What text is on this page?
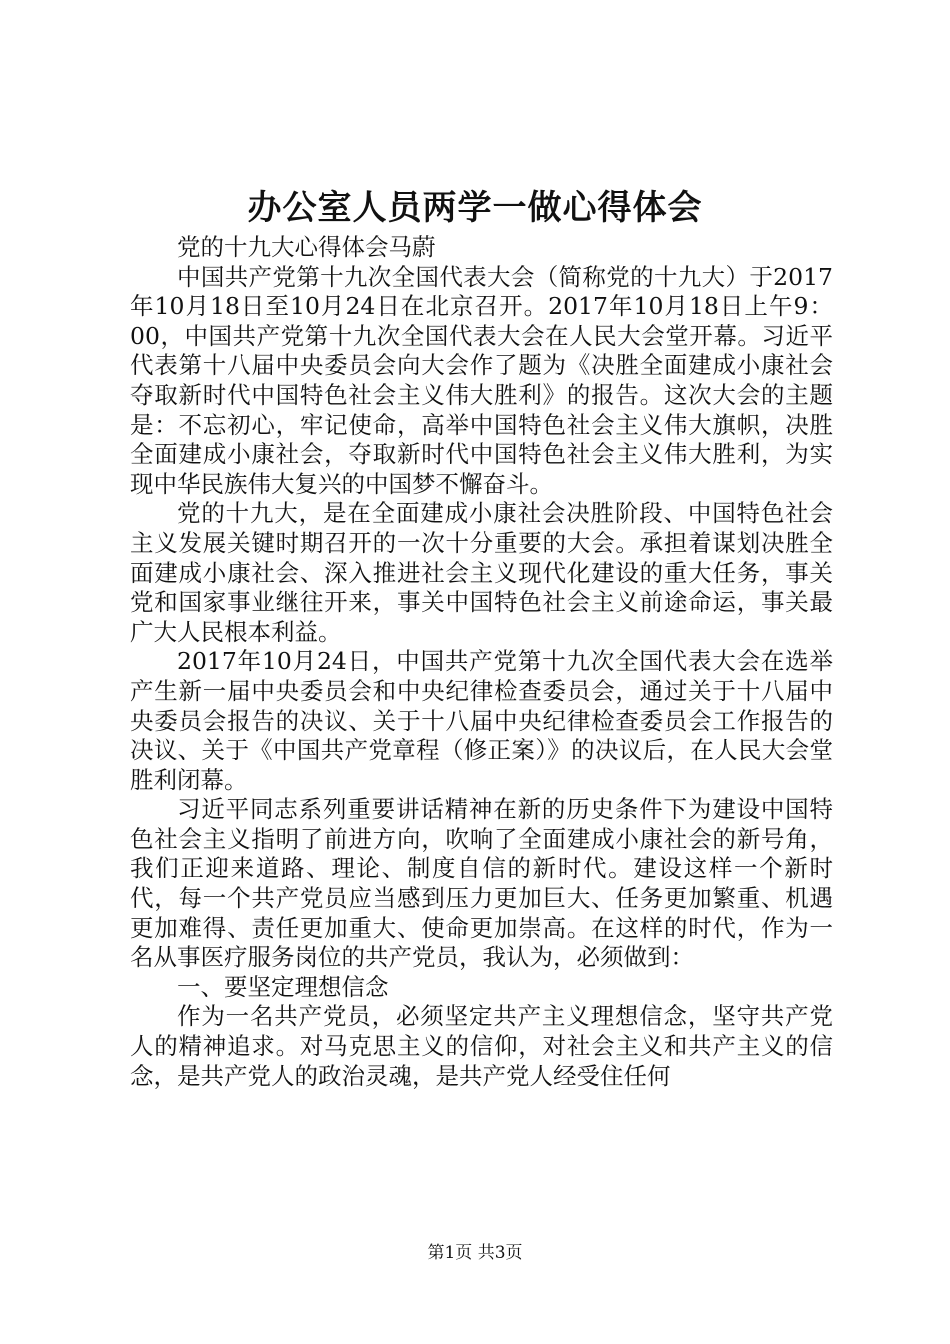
办公室人员两学一做心得体会

党的十九大心得体会马蔚

中国共产党第十九次全国代表大会（简称党的十九大）于2017年10月18日至10月24日在北京召开。2017年10月18日上午9：00，中国共产党第十九次全国代表大会在人民大会堂开幕。习近平代表第十八届中央委员会向大会作了题为《决胜全面建成小康社会夺取新时代中国特色社会主义伟大胜利》的报告。这次大会的主题是：不忘初心，牢记使命，高举中国特色社会主义伟大旗帜，决胜全面建成小康社会，夺取新时代中国特色社会主义伟大胜利，为实现中华民族伟大复兴的中国梦不懈奋斗。

党的十九大，是在全面建成小康社会决胜阶段、中国特色社会主义发展关键时期召开的一次十分重要的大会。承担着谋划决胜全面建成小康社会、深入推进社会主义现代化建设的重大任务，事关党和国家事业继往开来，事关中国特色社会主义前途命运，事关最广大人民根本利益。

2017年10月24日，中国共产党第十九次全国代表大会在选举产生新一届中央委员会和中央纪律检查委员会，通过关于十八届中央委员会报告的决议、关于十八届中央纪律检查委员会工作报告的决议、关于《中国共产党章程（修正案）》的决议后，在人民大会堂胜利闭幕。

习近平同志系列重要讲话精神在新的历史条件下为建设中国特色社会主义指明了前进方向，吹响了全面建成小康社会的新号角，我们正迎来道路、理论、制度自信的新时代。建设这样一个新时代，每一个共产党员应当感到压力更加巨大、任务更加繁重、机遇更加难得、责任更加重大、使命更加崇高。在这样的时代，作为一名从事医疗服务岗位的共产党员，我认为，必须做到：

一、要坚定理想信念

作为一名共产党员，必须坚定共产主义理想信念，坚守共产党人的精神追求。对马克思主义的信仰，对社会主义和共产主义的信念，是共产党人的政治灵魂，是共产党人经受住任何

第1页 共3页
